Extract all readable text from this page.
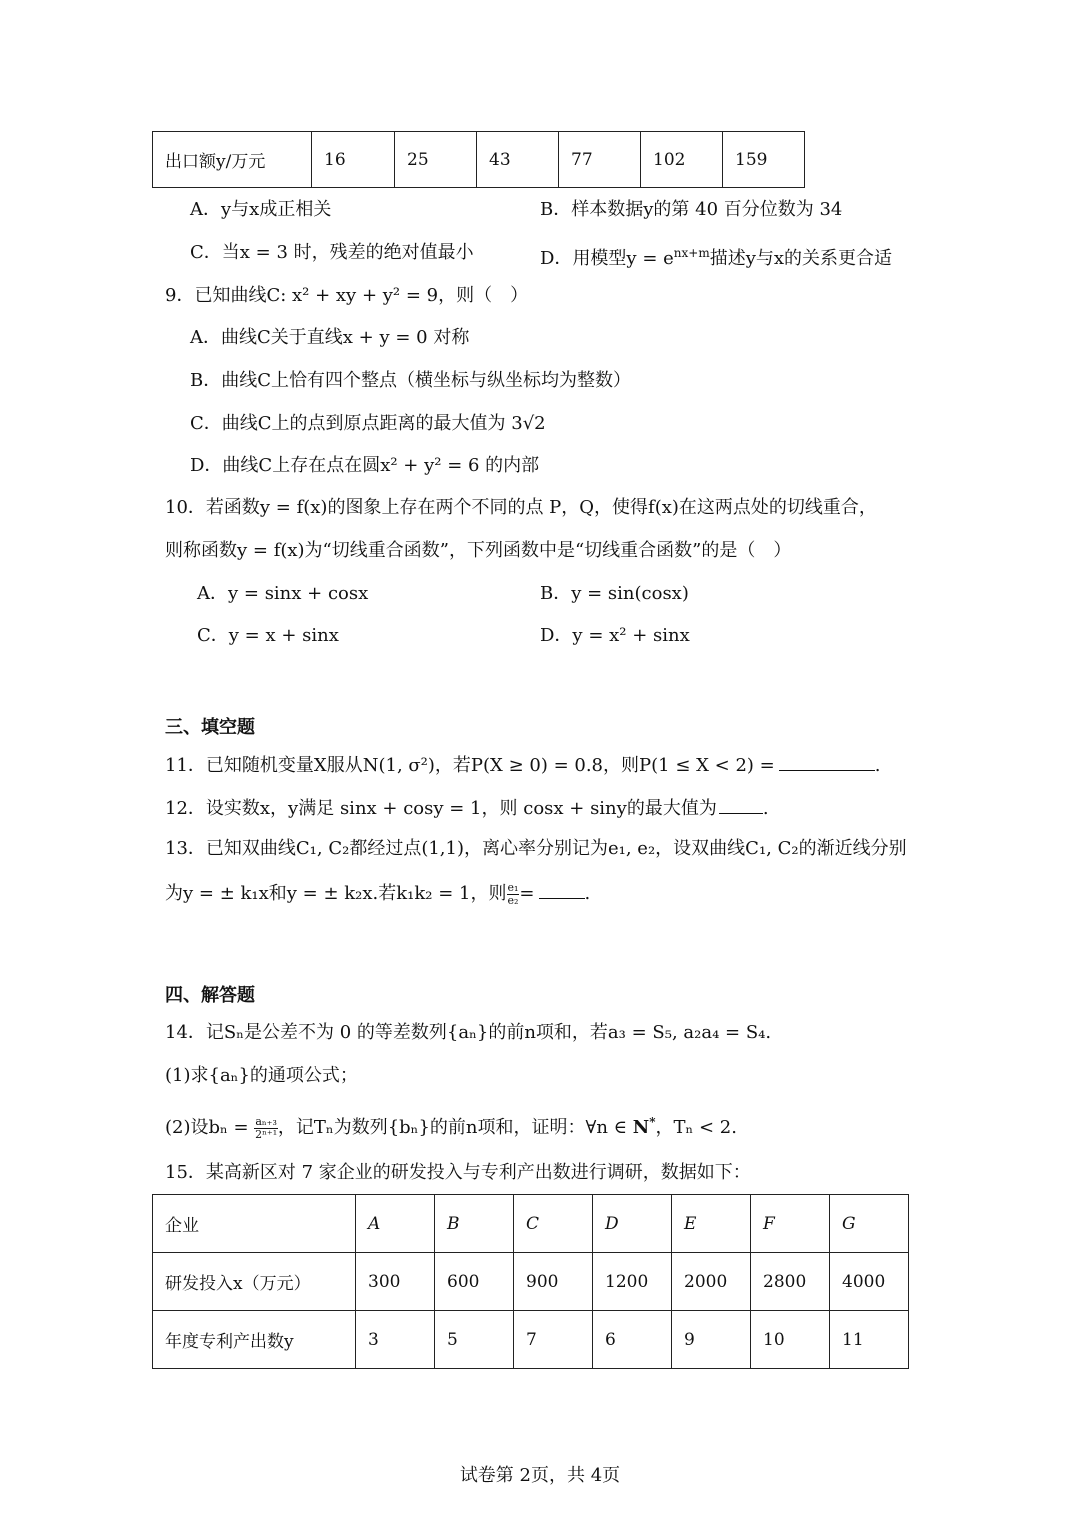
出口额y/万元	16	25	43	77	102	159
A．y与x成正相关	B．样本数据y的第 40 百分位数为 34
C．当x = 3 时，残差的绝对值最小	D．用模型$y = e^{nx+m}$描述y与x的关系更合适
9．已知曲线C: x² + xy + y² = 9，则（　）
A．曲线C关于直线x + y = 0 对称
B．曲线C上恰有四个整点（横坐标与纵坐标均为整数）
C．曲线C上的点到原点距离的最大值为 3√2
D．曲线C上存在点在圆x² + y² = 6 的内部
10．若函数y = f(x)的图象上存在两个不同的点 P，Q，使得f(x)在这两点处的切线重合，
则称函数y = f(x)为“切线重合函数”，下列函数中是“切线重合函数”的是（　）
A．y = sinx + cosx	B．y = sin(cosx)
C．y = x + sinx	D．y = x² + sinx
三、填空题
11．已知随机变量X服从N(1, σ²)，若P(X ≥ 0) = 0.8，则P(1 ≤ X < 2) =	.
12．设实数x，y满足 sinx + cosy = 1，则 cosx + siny的最大值为	.
13．已知双曲线C₁, C₂都经过点(1,1)，离心率分别记为e₁, e₂，设双曲线C₁, C₂的渐近线分别
为y = ± k₁x和y = ± k₂x.若k₁k₂ = 1，则 $\frac{\text{e₁}}{\text{e₂}}$ =	.
四、解答题
14．记Sₙ是公差不为 0 的等差数列{aₙ}的前n项和，若a₃ = S₅, a₂a₄ = S₄.
(1)求{aₙ}的通项公式；
(2)设$b_n = \frac{\text{aₙ₊₃}}{\text{2ⁿ⁺¹}}$ ，记Tₙ为数列{bₙ}的前n项和，证明：∀n ∈ N*，Tₙ < 2.
15．某高新区对 7 家企业的研发投入与专利产出数进行调研，数据如下：
企业	A	B	C	D	E	F	G
研发投入x（万元）	300	600	900	1200	2000	2800	4000
年度专利产出数y	3	5	7	6	9	10	11
试卷第 2页，共 4页
